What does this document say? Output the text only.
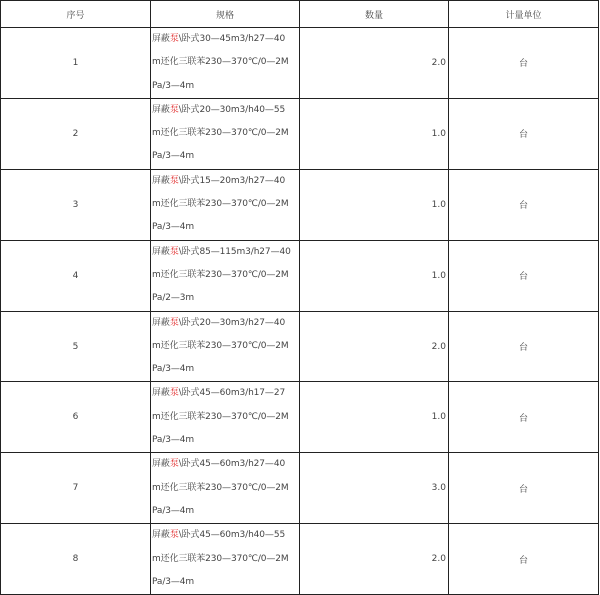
序号	规格	数量	计量单位
1	屏蔽泵\卧式30—45m3/h27—40
m还化三联苯230—370℃/0—2M
Pa/3—4m	2.0	台
2	屏蔽泵\卧式20—30m3/h40—55
m还化三联苯230—370℃/0—2M
Pa/3—4m	1.0	台
3	屏蔽泵\卧式15—20m3/h27—40
m还化三联苯230—370℃/0—2M
Pa/3—4m	1.0	台
4	屏蔽泵\卧式85—115m3/h27—40
m还化三联苯230—370℃/0—2M
Pa/2—3m	1.0	台
5	屏蔽泵\卧式20—30m3/h27—40
m还化三联苯230—370℃/0—2M
Pa/3—4m	2.0	台
6	屏蔽泵\卧式45—60m3/h17—27
m还化三联苯230—370℃/0—2M
Pa/3—4m	1.0	台
7	屏蔽泵\卧式45—60m3/h27—40
m还化三联苯230—370℃/0—2M
Pa/3—4m	3.0	台
8	屏蔽泵\卧式45—60m3/h40—55
m还化三联苯230—370℃/0—2M
Pa/3—4m	2.0	台
